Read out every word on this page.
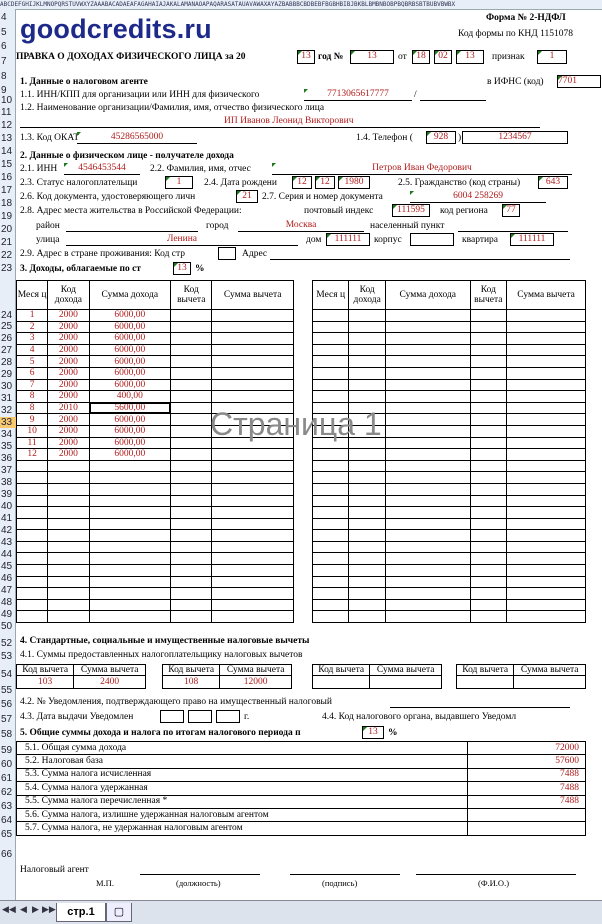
ABCDEFGHIJKLMNOPQRSTUVWXYZAAABACADAEAFAGAHAIAJAKALAMANAOAPAQARASATAUAVAWAXAYAZBABBBCBDBEBFBGBHBIBJBKBLBMBNBOBPBQBRBSBTBUBVBWBX
4
5
6
7
8
9
10
11
12
13
14
15
16
17
18
19
20
21
22
23
24
25
26
27
28
29
30
31
32
33
34
35
36
37
38
39
40
41
42
43
44
45
46
47
48
49
50
52
53
54
55
56
57
58
59
60
61
62
63
64
65
66
goodcredits.ru	Форма № 2-НДФЛ
Код формы по КНД 1151078
ПРАВКА О ДОХОДАХ ФИЗИЧЕСКОГО ЛИЦА за 20	13 год №	13	от 18	02	13	признак	1
1. Данные о налоговом агенте	в ИФНС (код) 7701
1.1. ИНН/КПП для организации или ИНН для физического	7713065617777	/
1.2. Наименование организации/Фамилия, имя, отчество физического лица
ИП Иванов Леонид Викторович
1.3. Код ОКАТ	45286565000	1.4. Телефон (	928	)	1234567
2. Данные о физическом лице - получателе дохода
2.1. ИНН	4546453544	2.2. Фамилия, имя, отчес	Петров Иван Федорович
2.3. Статус налогоплательщи	1	2.4. Дата рождени	12	12	1980	2.5. Гражданство (код страны)	643
2.6. Код документа, удостоверяющего личн	21	2.7. Серия и номер документа	6004 258269
2.8. Адрес места жительства в Российской Федерации:	почтовый индекс	111595	код региона	77
район	город	Москва	населенный пункт
улица	Ленина	дом	111111	корпус	квартира	111111
2.9. Адрес в стране проживания: Код стр	Адрес
3. Доходы, облагаемые по ст	13 %
Меся ц	Код дохода	Сумма дохода	Код вычета	Сумма вычета
1	2000	6000,00		
2	2000	6000,00		
3	2000	6000,00		
4	2000	6000,00		
5	2000	6000,00		
6	2000	6000,00		
7	2000	6000,00		
8	2000	400,00		
8	2010	5600,00		
9	2000	6000,00		
10	2000	6000,00		
11	2000	6000,00		
12	2000	6000,00		

Меся ц	Код дохода	Сумма дохода	Код вычета	Сумма вычета

Страница 1
4. Стандартные, социальные и имущественные налоговые вычеты
4.1. Суммы предоставленных налогоплательщику налоговых вычетов
Код вычета	Сумма вычета
103	2400
Код вычета	Сумма вычета
108	12000
Код вычета	Сумма вычета
		Код вычета	Сумма вычета

4.2. № Уведомления, подтверждающего право на имущественный налоговый
4.3. Дата выдачи Уведомлен	г.	4.4. Код налогового органа, выдавшего Уведомл
5. Общие суммы дохода и налога по итогам налогового периода п	13	%
5.1. Общая сумма дохода	72000
5.2. Налоговая база	57600
5.3. Сумма налога исчисленная	7488
5.4. Сумма налога удержанная	7488
5.5. Сумма налога перечисленная *	7488
5.6. Сумма налога, излишне удержанная налоговым агентом	
5.7. Сумма налога, не удержанная налоговым агентом	
Налоговый агент
М.П.	(должность)	(подпись)	(Ф.И.О.)
◀◀ ◀ ▶ ▶▶	стр.1	▢
